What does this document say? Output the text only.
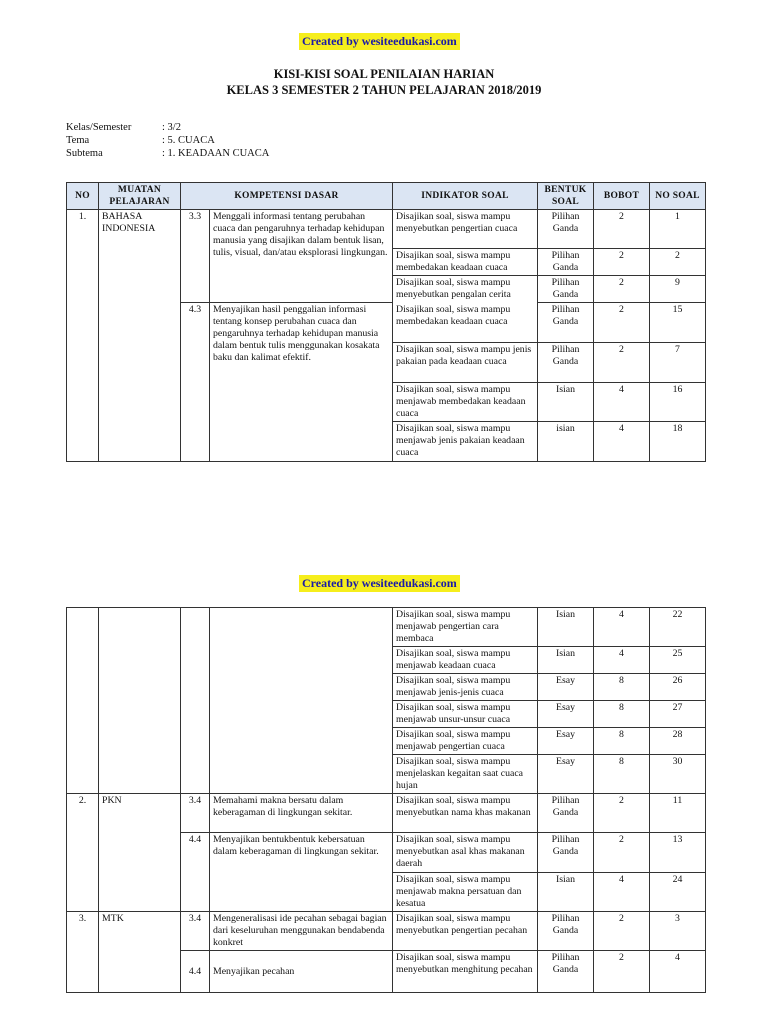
Created by wesiteedukasi.com
KISI-KISI SOAL PENILAIAN HARIAN
KELAS 3 SEMESTER 2 TAHUN PELAJARAN 2018/2019
Kelas/Semester	: 3/2
Tema	: 5. CUACA
Subtema	: 1. KEADAAN CUACA
NO	MUATAN PELAJARAN	KOMPETENSI DASAR		INDIKATOR SOAL	BENTUK SOAL	BOBOT	NO SOAL
1.	BAHASA INDONESIA	3.3	Menggali informasi tentang perubahan cuaca dan pengaruhnya terhadap kehidupan manusia yang disajikan dalam bentuk lisan, tulis, visual, dan/atau eksplorasi lingkungan.	Disajikan soal, siswa mampu menyebutkan pengertian cuaca	Pilihan Ganda	2	1
				Disajikan soal, siswa mampu membedakan keadaan cuaca	Pilihan Ganda	2	2
				Disajikan soal, siswa mampu menyebutkan pengalan cerita	Pilihan Ganda	2	9
		4.3	Menyajikan hasil penggalian informasi tentang konsep perubahan cuaca dan pengaruhnya terhadap kehidupan manusia dalam bentuk tulis menggunakan kosakata baku dan kalimat efektif.	Disajikan soal, siswa mampu membedakan keadaan cuaca	Pilihan Ganda	2	15
				Disajikan soal, siswa mampu jenis pakaian pada keadaan cuaca	Pilihan Ganda	2	7
				Disajikan soal, siswa mampu menjawab membedakan keadaan cuaca	Isian	4	16
				Disajikan soal, siswa mampu menjawab jenis pakaian keadaan cuaca	isian	4	18
Created by wesiteedukasi.com
				Disajikan soal, siswa mampu menjawab pengertian cara membaca	Isian	4	22
				Disajikan soal, siswa mampu menjawab keadaan cuaca	Isian	4	25
				Disajikan soal, siswa mampu menjawab jenis-jenis cuaca	Esay	8	26
				Disajikan soal, siswa mampu menjawab unsur-unsur cuaca	Esay	8	27
				Disajikan soal, siswa mampu menjawab pengertian cuaca	Esay	8	28
				Disajikan soal, siswa mampu menjelaskan kegaitan saat cuaca hujan	Esay	8	30
2.	PKN	3.4	Memahami makna bersatu dalam keberagaman di lingkungan sekitar.	Disajikan soal, siswa mampu menyebutkan nama khas makanan	Pilihan Ganda	2	11
		4.4	Menyajikan bentukbentuk kebersatuan dalam keberagaman di lingkungan sekitar.	Disajikan soal, siswa mampu menyebutkan asal khas makanan daerah	Pilihan Ganda	2	13
				Disajikan soal, siswa mampu menjawab makna persatuan dan kesatua	Isian	4	24
3.	MTK	3.4	Mengeneralisasi ide pecahan sebagai bagian dari keseluruhan menggunakan bendabenda konkret	Disajikan soal, siswa mampu menyebutkan pengertian pecahan	Pilihan Ganda	2	3
		4.4	Menyajikan pecahan	Disajikan soal, siswa mampu menyebutkan menghitung pecahan	Pilihan Ganda	2	4
